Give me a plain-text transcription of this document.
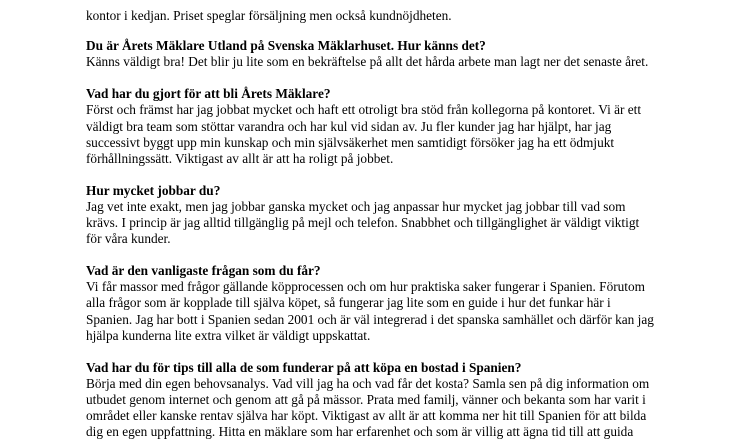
kontor i kedjan. Priset speglar försäljning men också kundnöjdheten.
Du är Årets Mäklare Utland på Svenska Mäklarhuset. Hur känns det?
Känns väldigt bra! Det blir ju lite som en bekräftelse på allt det hårda arbete man lagt ner det senaste året.
Vad har du gjort för att bli Årets Mäklare?
Först och främst har jag jobbat mycket och haft ett otroligt bra stöd från kollegorna på kontoret. Vi är ett
väldigt bra team som stöttar varandra och har kul vid sidan av. Ju fler kunder jag har hjälpt, har jag
successivt byggt upp min kunskap och min självsäkerhet men samtidigt försöker jag ha ett ödmjukt
förhållningssätt. Viktigast av allt är att ha roligt på jobbet.
Hur mycket jobbar du?
Jag vet inte exakt, men jag jobbar ganska mycket och jag anpassar hur mycket jag jobbar till vad som
krävs. I princip är jag alltid tillgänglig på mejl och telefon. Snabbhet och tillgänglighet är väldigt viktigt
för våra kunder.
Vad är den vanligaste frågan som du får?
Vi får massor med frågor gällande köpprocessen och om hur praktiska saker fungerar i Spanien. Förutom
alla frågor som är kopplade till själva köpet, så fungerar jag lite som en guide i hur det funkar här i
Spanien. Jag har bott i Spanien sedan 2001 och är väl integrerad i det spanska samhället och därför kan jag
hjälpa kunderna lite extra vilket är väldigt uppskattat.
Vad har du för tips till alla de som funderar på att köpa en bostad i Spanien?
Börja med din egen behovsanalys. Vad vill jag ha och vad får det kosta? Samla sen på dig information om
utbudet genom internet och genom att gå på mässor. Prata med familj, vänner och bekanta som har varit i
området eller kanske rentav själva har köpt. Viktigast av allt är att komma ner hit till Spanien för att bilda
dig en egen uppfattning. Hitta en mäklare som har erfarenhet och som är villig att ägna tid till att guida
